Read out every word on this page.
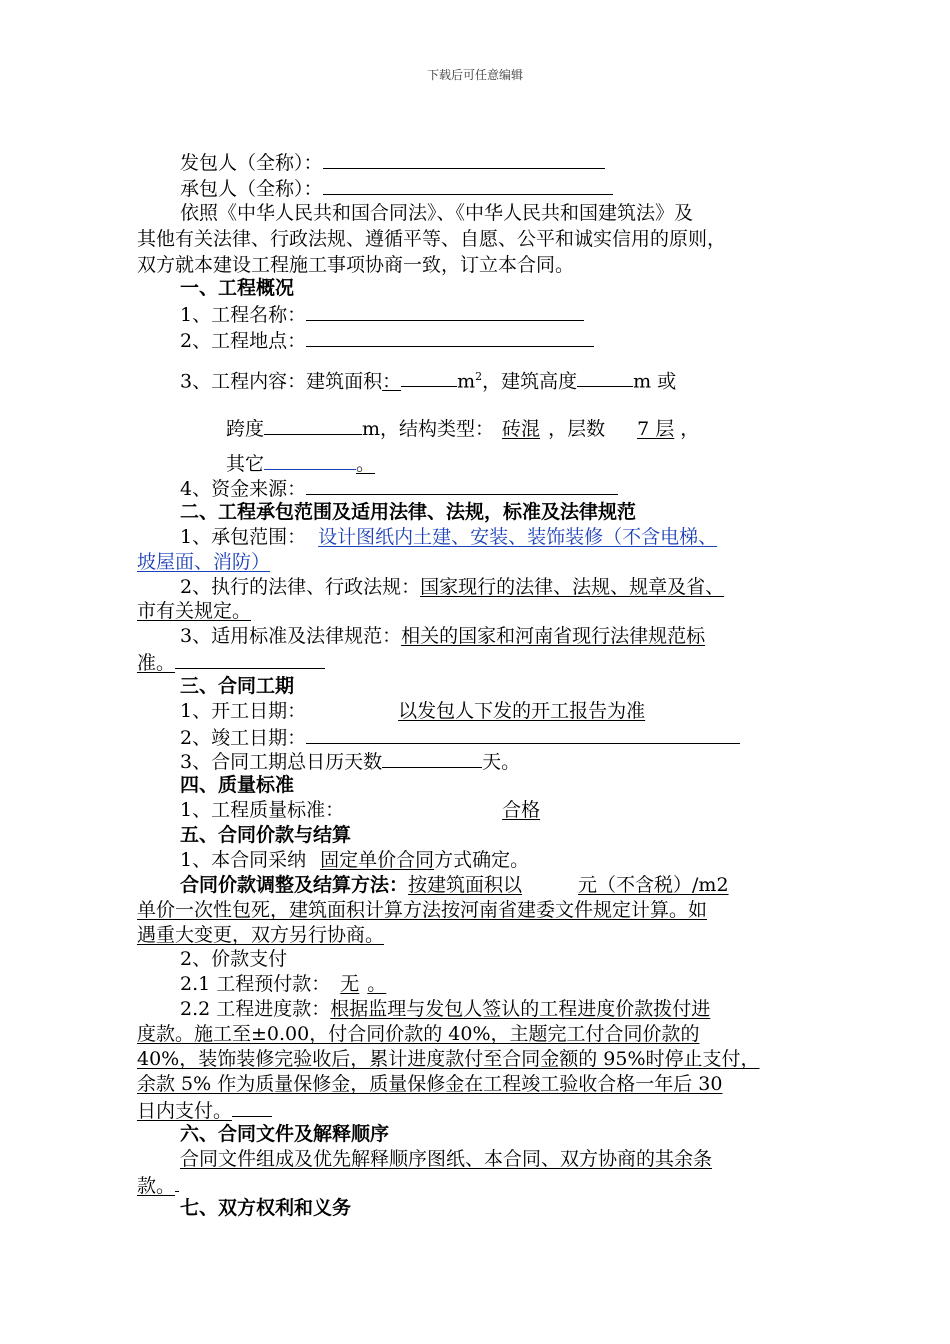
下载后可任意编辑
发包人（全称）：
承包人（全称）：
依照《中华人民共和国合同法》、《中华人民共和国建筑法》及
其他有关法律、行政法规、遵循平等、自愿、公平和诚实信用的原则，
双方就本建设工程施工事项协商一致，订立本合同。
一、工程概况
1、工程名称：
2、工程地点：
3、工程内容：建筑面积：	$m^2$，建筑高度	m 或
跨度	m，结构类型： 砖混 ，层数 7 层 ，
其它	。
4、资金来源：
二、工程承包范围及适用法律、法规，标准及法律规范
1、承包范围： 设计图纸内土建、安装、装饰装修（不含电梯、
坡屋面、消防）
2、执行的法律、行政法规：国家现行的法律、法规、规章及省、
市有关规定。
3、适用标准及法律规范：相关的国家和河南省现行法律规范标
准。
三、合同工期
1、开工日期：	以发包人下发的开工报告为准
2、竣工日期：
3、合同工期总日历天数	天。
四、质量标准
1、工程质量标准：	合格
五、合同价款与结算
1、本合同采纳 固定单价合同方式确定。
合同价款调整及结算方法：按建筑面积以	元（不含税）/m2
单价一次性包死，建筑面积计算方法按河南省建委文件规定计算。如
遇重大变更，双方另行协商。
2、价款支付
2.1 工程预付款： 无 。
2.2 工程进度款：根据监理与发包人签认的工程进度价款拨付进
度款。施工至±0.00，付合同价款的 40%，主题完工付合同价款的
40%，装饰装修完验收后，累计进度款付至合同金额的 95%时停止支付，
余款 5% 作为质量保修金，质量保修金在工程竣工验收合格一年后 30
日内支付。
六、合同文件及解释顺序
合同文件组成及优先解释顺序图纸、本合同、双方协商的其余条
款。
七、双方权利和义务
